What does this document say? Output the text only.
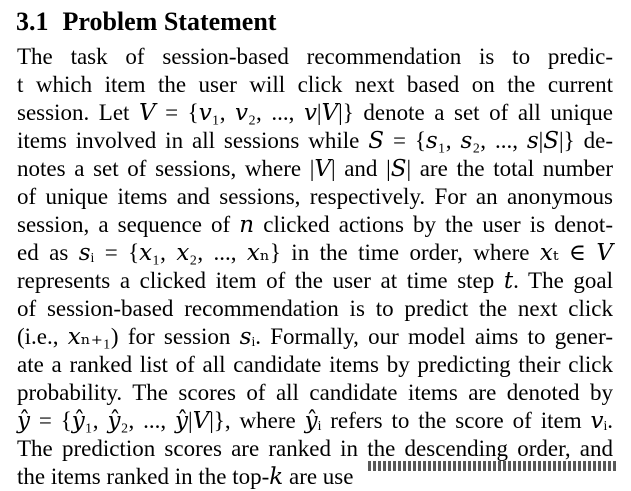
3.1 Problem Statement
The task of session-based recommendation is to predic-
t which item the user will click next based on the current
session. Let 𝑉 = {𝑣₁, 𝑣₂, ..., 𝑣|𝑉|} denote a set of all unique
items involved in all sessions while 𝑆 = {𝑠₁, 𝑠₂, ..., 𝑠|𝑆|} de-
notes a set of sessions, where |𝑉| and |𝑆| are the total number
of unique items and sessions, respectively. For an anonymous
session, a sequence of 𝑛 clicked actions by the user is denot-
ed as 𝑠ᵢ = {𝑥₁, 𝑥₂, ..., 𝑥ₙ} in the time order, where 𝑥ₜ ∈ 𝑉
represents a clicked item of the user at time step 𝑡. The goal
of session-based recommendation is to predict the next click
(i.e., 𝑥ₙ₊₁) for session 𝑠ᵢ. Formally, our model aims to gener-
ate a ranked list of all candidate items by predicting their click
probability. The scores of all candidate items are denoted by
𝑦̂ = {𝑦̂₁, 𝑦̂₂, ..., 𝑦̂|𝑉|}, where 𝑦̂ᵢ refers to the score of item 𝑣ᵢ.
The prediction scores are ranked in the descending order, and
the items ranked in the top-𝑘 are use
